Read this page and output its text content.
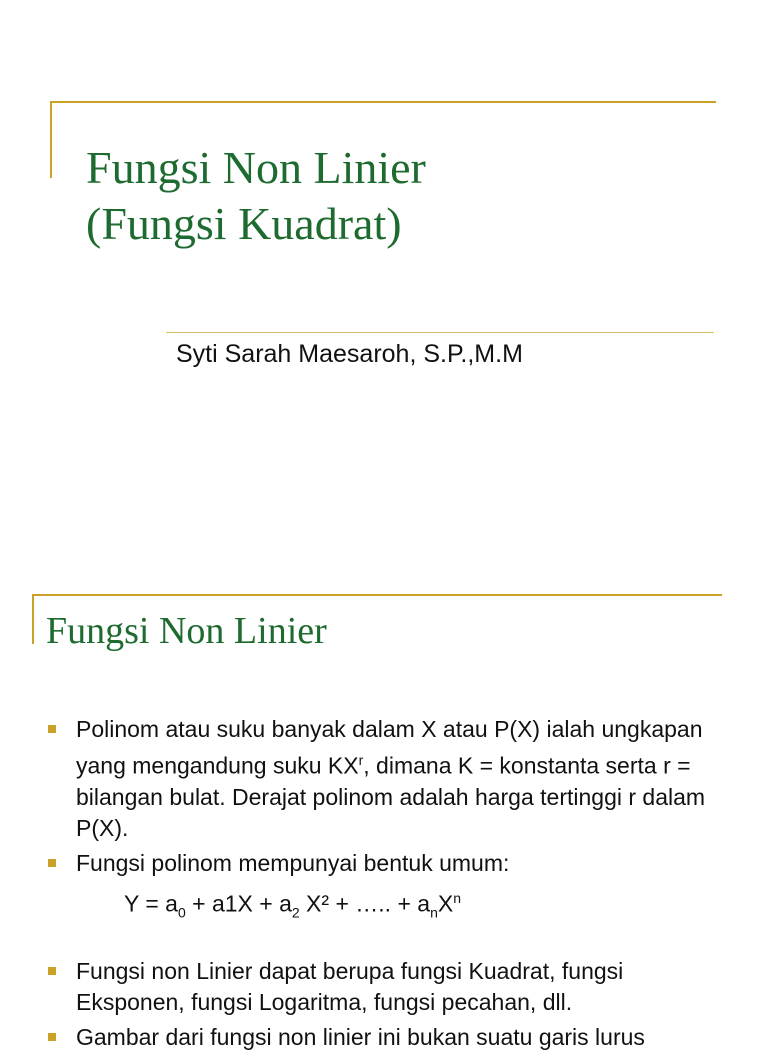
Fungsi Non Linier
(Fungsi Kuadrat)
Syti Sarah Maesaroh, S.P.,M.M
Fungsi Non Linier
Polinom atau suku banyak dalam X atau P(X) ialah ungkapan yang mengandung suku $KX^r$, dimana K = konstanta serta r = bilangan bulat. Derajat polinom adalah harga tertinggi r dalam P(X).
Fungsi polinom mempunyai bentuk umum:
$Y = a_0 + a1X + a_2$ X² + ….. + $a_nX^n$
Fungsi non Linier dapat berupa fungsi Kuadrat, fungsi Eksponen, fungsi Logaritma, fungsi pecahan, dll.
Gambar dari fungsi non linier ini bukan suatu garis lurus
